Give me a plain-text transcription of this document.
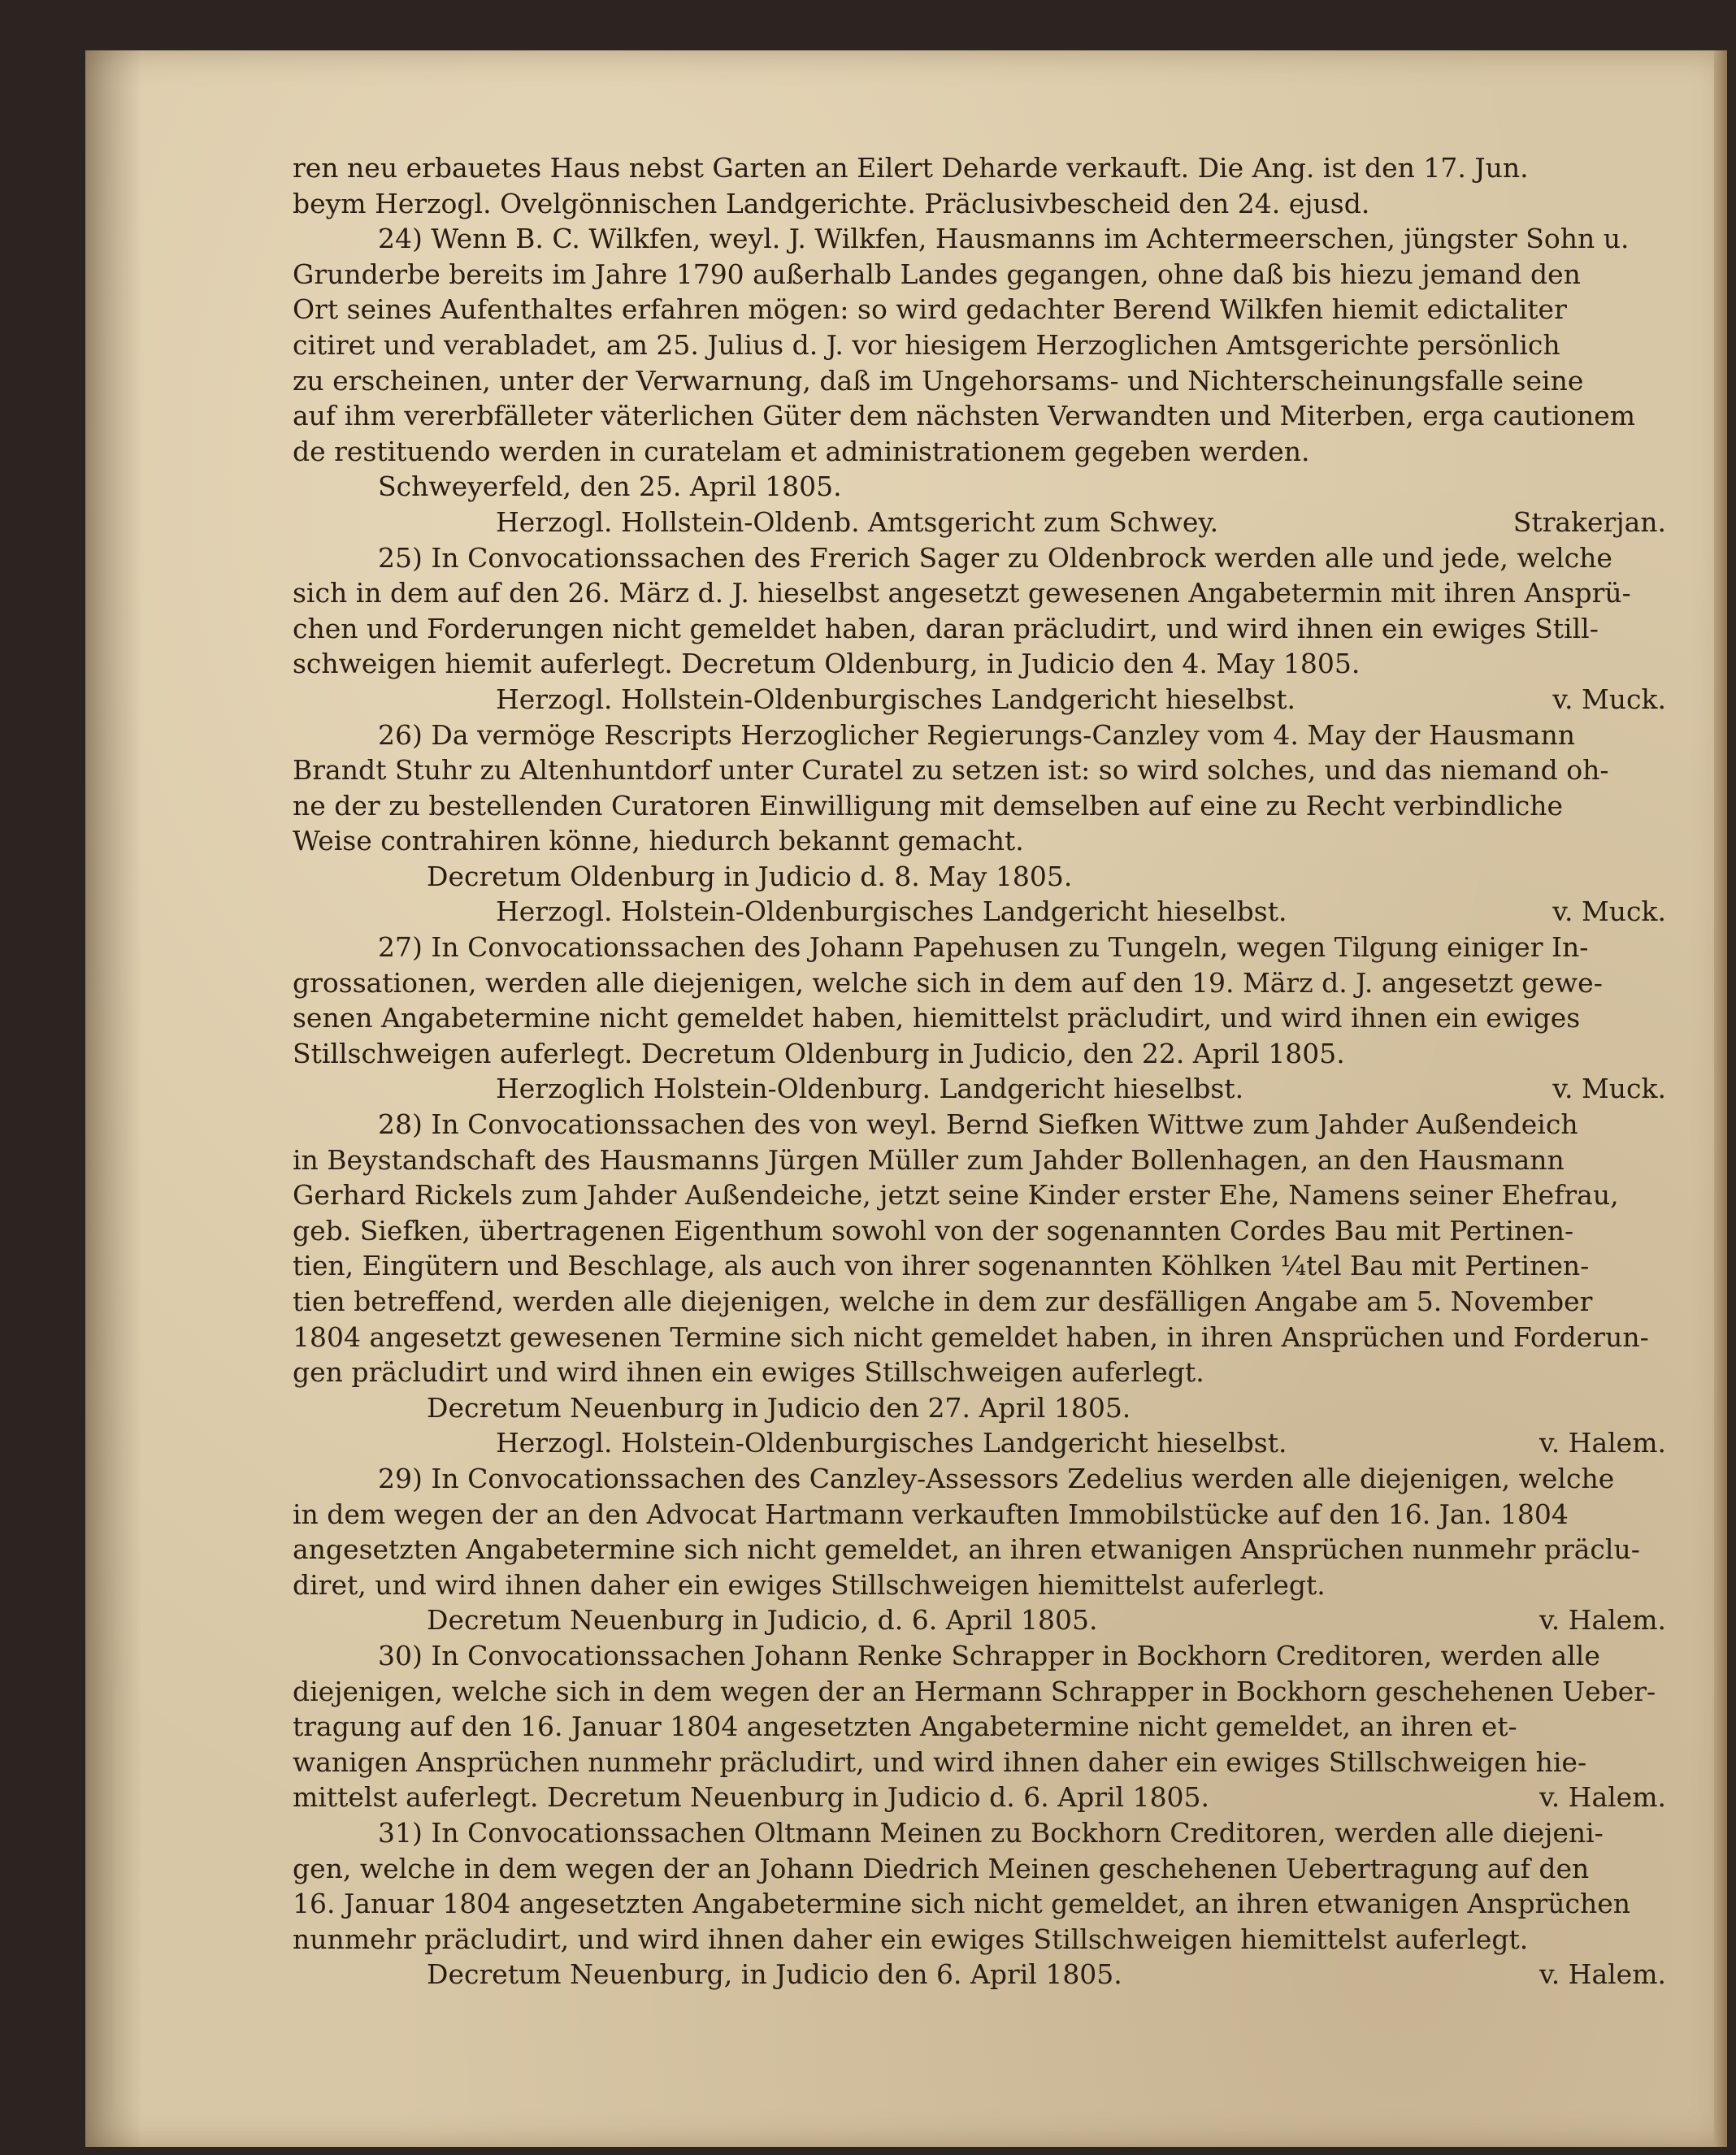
ren neu erbauetes Haus nebst Garten an Eilert Deharde verkauft. Die Ang. ist den 17. Jun.
beym Herzogl. Ovelgönnischen Landgerichte. Präclusivbescheid den 24. ejusd.
24) Wenn B. C. Wilkfen, weyl. J. Wilkfen, Hausmanns im Achtermeerschen, jüngster Sohn u.
Grunderbe bereits im Jahre 1790 außerhalb Landes gegangen, ohne daß bis hiezu jemand den
Ort seines Aufenthaltes erfahren mögen: so wird gedachter Berend Wilkfen hiemit edictaliter
citiret und verabladet, am 25. Julius d. J. vor hiesigem Herzoglichen Amtsgerichte persönlich
zu erscheinen, unter der Verwarnung, daß im Ungehorsams- und Nichterscheinungsfalle seine
auf ihm vererbfälleter väterlichen Güter dem nächsten Verwandten und Miterben, erga cautionem
de restituendo werden in curatelam et administrationem gegeben werden.
Schweyerfeld, den 25. April 1805.
Herzogl. Hollstein-Oldenb. Amtsgericht zum Schwey.	Strakerjan.
25) In Convocationssachen des Frerich Sager zu Oldenbrock werden alle und jede, welche
sich in dem auf den 26. März d. J. hieselbst angesetzt gewesenen Angabetermin mit ihren Ansprü-
chen und Forderungen nicht gemeldet haben, daran präcludirt, und wird ihnen ein ewiges Still-
schweigen hiemit auferlegt. Decretum Oldenburg, in Judicio den 4. May 1805.
Herzogl. Hollstein-Oldenburgisches Landgericht hieselbst.	v. Muck.
26) Da vermöge Rescripts Herzoglicher Regierungs-Canzley vom 4. May der Hausmann
Brandt Stuhr zu Altenhuntdorf unter Curatel zu setzen ist: so wird solches, und das niemand oh-
ne der zu bestellenden Curatoren Einwilligung mit demselben auf eine zu Recht verbindliche
Weise contrahiren könne, hiedurch bekannt gemacht.
Decretum Oldenburg in Judicio d. 8. May 1805.
Herzogl. Holstein-Oldenburgisches Landgericht hieselbst.	v. Muck.
27) In Convocationssachen des Johann Papehusen zu Tungeln, wegen Tilgung einiger In-
grossationen, werden alle diejenigen, welche sich in dem auf den 19. März d. J. angesetzt gewe-
senen Angabetermine nicht gemeldet haben, hiemittelst präcludirt, und wird ihnen ein ewiges
Stillschweigen auferlegt. Decretum Oldenburg in Judicio, den 22. April 1805.
Herzoglich Holstein-Oldenburg. Landgericht hieselbst.	v. Muck.
28) In Convocationssachen des von weyl. Bernd Siefken Wittwe zum Jahder Außendeich
in Beystandschaft des Hausmanns Jürgen Müller zum Jahder Bollenhagen, an den Hausmann
Gerhard Rickels zum Jahder Außendeiche, jetzt seine Kinder erster Ehe, Namens seiner Ehefrau,
geb. Siefken, übertragenen Eigenthum sowohl von der sogenannten Cordes Bau mit Pertinen-
tien, Eingütern und Beschlage, als auch von ihrer sogenannten Köhlken ¼tel Bau mit Pertinen-
tien betreffend, werden alle diejenigen, welche in dem zur desfälligen Angabe am 5. November
1804 angesetzt gewesenen Termine sich nicht gemeldet haben, in ihren Ansprüchen und Forderun-
gen präcludirt und wird ihnen ein ewiges Stillschweigen auferlegt.
Decretum Neuenburg in Judicio den 27. April 1805.
Herzogl. Holstein-Oldenburgisches Landgericht hieselbst.	v. Halem.
29) In Convocationssachen des Canzley-Assessors Zedelius werden alle diejenigen, welche
in dem wegen der an den Advocat Hartmann verkauften Immobilstücke auf den 16. Jan. 1804
angesetzten Angabetermine sich nicht gemeldet, an ihren etwanigen Ansprüchen nunmehr präclu-
diret, und wird ihnen daher ein ewiges Stillschweigen hiemittelst auferlegt.
Decretum Neuenburg in Judicio, d. 6. April 1805.	v. Halem.
30) In Convocationssachen Johann Renke Schrapper in Bockhorn Creditoren, werden alle
diejenigen, welche sich in dem wegen der an Hermann Schrapper in Bockhorn geschehenen Ueber-
tragung auf den 16. Januar 1804 angesetzten Angabetermine nicht gemeldet, an ihren et-
wanigen Ansprüchen nunmehr präcludirt, und wird ihnen daher ein ewiges Stillschweigen hie-
mittelst auferlegt. Decretum Neuenburg in Judicio d. 6. April 1805.	v. Halem.
31) In Convocationssachen Oltmann Meinen zu Bockhorn Creditoren, werden alle diejeni-
gen, welche in dem wegen der an Johann Diedrich Meinen geschehenen Uebertragung auf den
16. Januar 1804 angesetzten Angabetermine sich nicht gemeldet, an ihren etwanigen Ansprüchen
nunmehr präcludirt, und wird ihnen daher ein ewiges Stillschweigen hiemittelst auferlegt.
Decretum Neuenburg, in Judicio den 6. April 1805.	v. Halem.
